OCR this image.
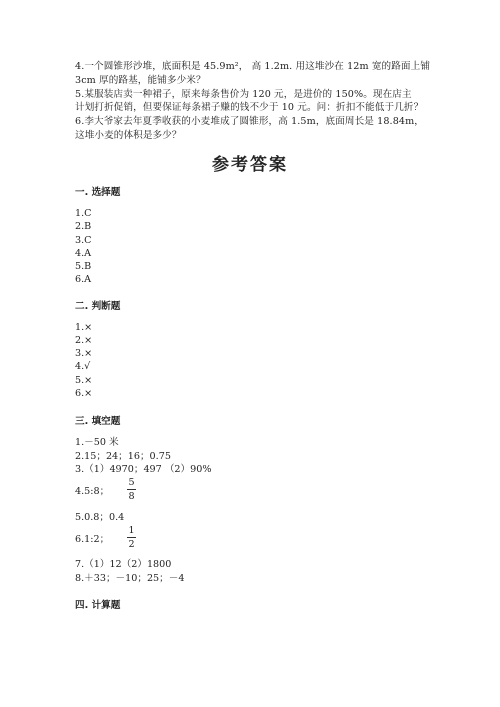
4.一个圆锥形沙堆，底面积是 45.9m²， 高 1.2m. 用这堆沙在 12m 宽的路面上铺
3cm 厚的路基，能铺多少米？
5.某服装店卖一种裙子，原来每条售价为 120 元，是进价的 150%。现在店主
计划打折促销，但要保证每条裙子赚的钱不少于 10 元。问：折扣不能低于几折？
6.李大爷家去年夏季收获的小麦堆成了圆锥形，高 1.5m，底面周长是 18.84m，
这堆小麦的体积是多少？
参考答案
一. 选择题
1.C
2.B
3.C
4.A
5.B
6.A
二. 判断题
1.×
2.×
3.×
4.√
5.×
6.×
三. 填空题
1.－50 米
2.15；24；16；0.75
3.（1）4970；497 （2）90%
4.5:8；
5
8
5.0.8；0.4
6.1:2；
1
2
7.（1）12（2）1800
8.＋33；－10；25；－4
四. 计算题
